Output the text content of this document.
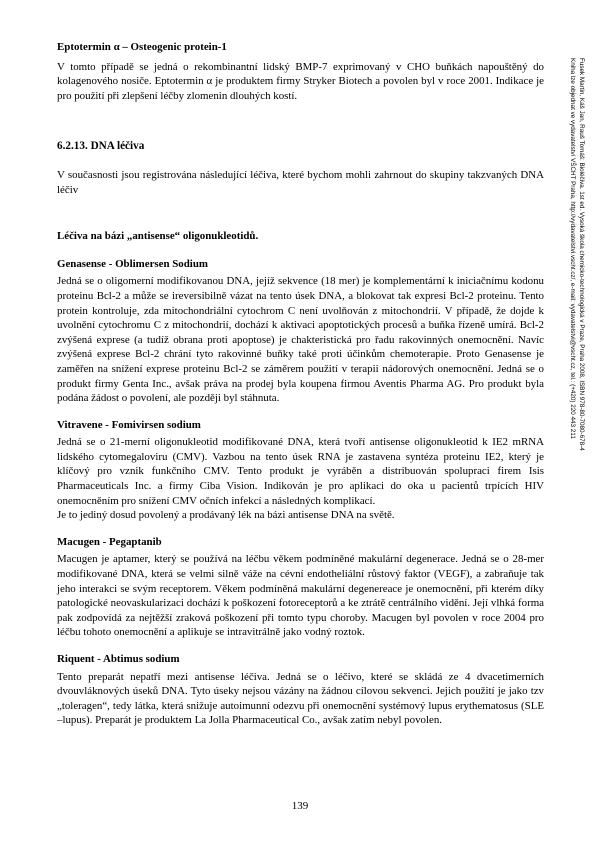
Eptotermin α – Osteogenic protein-1

V tomto případě se jedná o rekombinantní lidský BMP-7 exprimovaný v CHO buňkách napouštěný do kolagenového nosiče. Eptotermin α je produktem firmy Stryker Biotech a povolen byl v roce 2001. Indikace je pro použití při zlepšení léčby zlomenin dlouhých kostí.

6.2.13. DNA léčiva

V současnosti jsou registrována následující léčiva, které bychom mohli zahrnout do skupiny takzvaných DNA léčiv

Léčiva na bázi „antisense“ oligonukleotidů.
Genasense - Oblimersen Sodium

Jedná se o oligomerní modifikovanou DNA, jejíž sekvence (18 mer) je komplementární k iniciačnímu kodonu proteinu Bcl-2 a může se ireversibilně vázat na tento úsek DNA, a blokovat tak expresi Bcl-2 proteinu. Tento protein kontroluje, zda mitochondriální cytochrom C není uvolňován z mitochondrií. V případě, že dojde k uvolnění cytochromu C z mitochondrií, dochází k aktivaci apoptotických procesů a buňka řízeně umírá. Bcl-2 zvýšená exprese (a tudíž obrana proti apoptose) je chakteristická pro řadu rakovinných onemocnění. Navíc zvýšená exprese Bcl-2 chrání tyto rakovinné buňky také proti účinkům chemoterapie. Proto Genasense je zaměřen na snížení exprese proteinu Bcl-2 se záměrem použití v terapii nádorových onemocnění. Jedná se o produkt firmy Genta Inc., avšak práva na prodej byla koupena firmou Aventis Pharma AG. Pro produkt byla podána žádost o povolení, ale později byl stáhnuta.

Vitravene - Fomivirsen sodium

Jedná se o 21-merní oligonukleotid modifikované DNA, která tvoří antisense oligonukleotid k IE2 mRNA lidského cytomegaloviru (CMV). Vazbou na tento úsek RNA je zastavena syntéza proteinu IE2, který je klíčový pro vznik funkčního CMV. Tento produkt je vyráběn a distribuován spolupraci firem Isis Pharmaceuticals Inc. a firmy Ciba Vision. Indikován je pro aplikaci do oka u pacientů trpících HIV onemocněním pro snížení CMV očních infekcí a následných komplikací.

Je to jediný dosud povolený a prodávaný lék na bázi antisense DNA na světě.

Macugen - Pegaptanib

Macugen je aptamer, který se používá na léčbu věkem podmíněné makulární degenerace. Jedná se o 28-mer modifikované DNA, která se velmi silně váže na cévní endotheliální růstový faktor (VEGF), a zabraňuje tak jeho interakci se svým receptorem. Věkem podmíněná makulární degenereace je onemocnění, při kterém díky patologické neovaskularizaci dochází k poškození fotoreceptorů a ke ztrátě centrálního vidění. Její vlhká forma pak zodpovídá za nejtěžší zraková poškození při tomto typu choroby. Macugen byl povolen v roce 2004 pro léčbu tohoto onemocnění a aplikuje se intravitrálně jako vodný roztok.

Riquent - Abtimus sodium

Tento preparát nepatří mezi antisense léčiva. Jedná se o léčivo, které se skládá ze 4 dvacetimerních dvouvláknových úseků DNA. Tyto úseky nejsou vázány na žádnou cílovou sekvenci. Jejich použití je jako tzv „toleragen“, tedy látka, která snižuje autoimunní odezvu při onemocnění systémový lupus erythematosus (SLE –lupus). Preparát je produktem La Jolla Pharmaceutical Co., avšak zatím nebyl povolen.

Fusek Martin, Káš Jan, Rauš Tomáš: Bioléčiva. 1st ed. Vysoká škola chemicko-technologická v Praze, Praha 2008, ISBN 978-80-7080-678-4
Kniha lze objednat ve vydavatelství VŠCHT Praha, http://vydavatelstvi.vscht.cz/, e-mail: vydavatelstvi@vscht.cz, tel.: (+420) 220 443 211
139
